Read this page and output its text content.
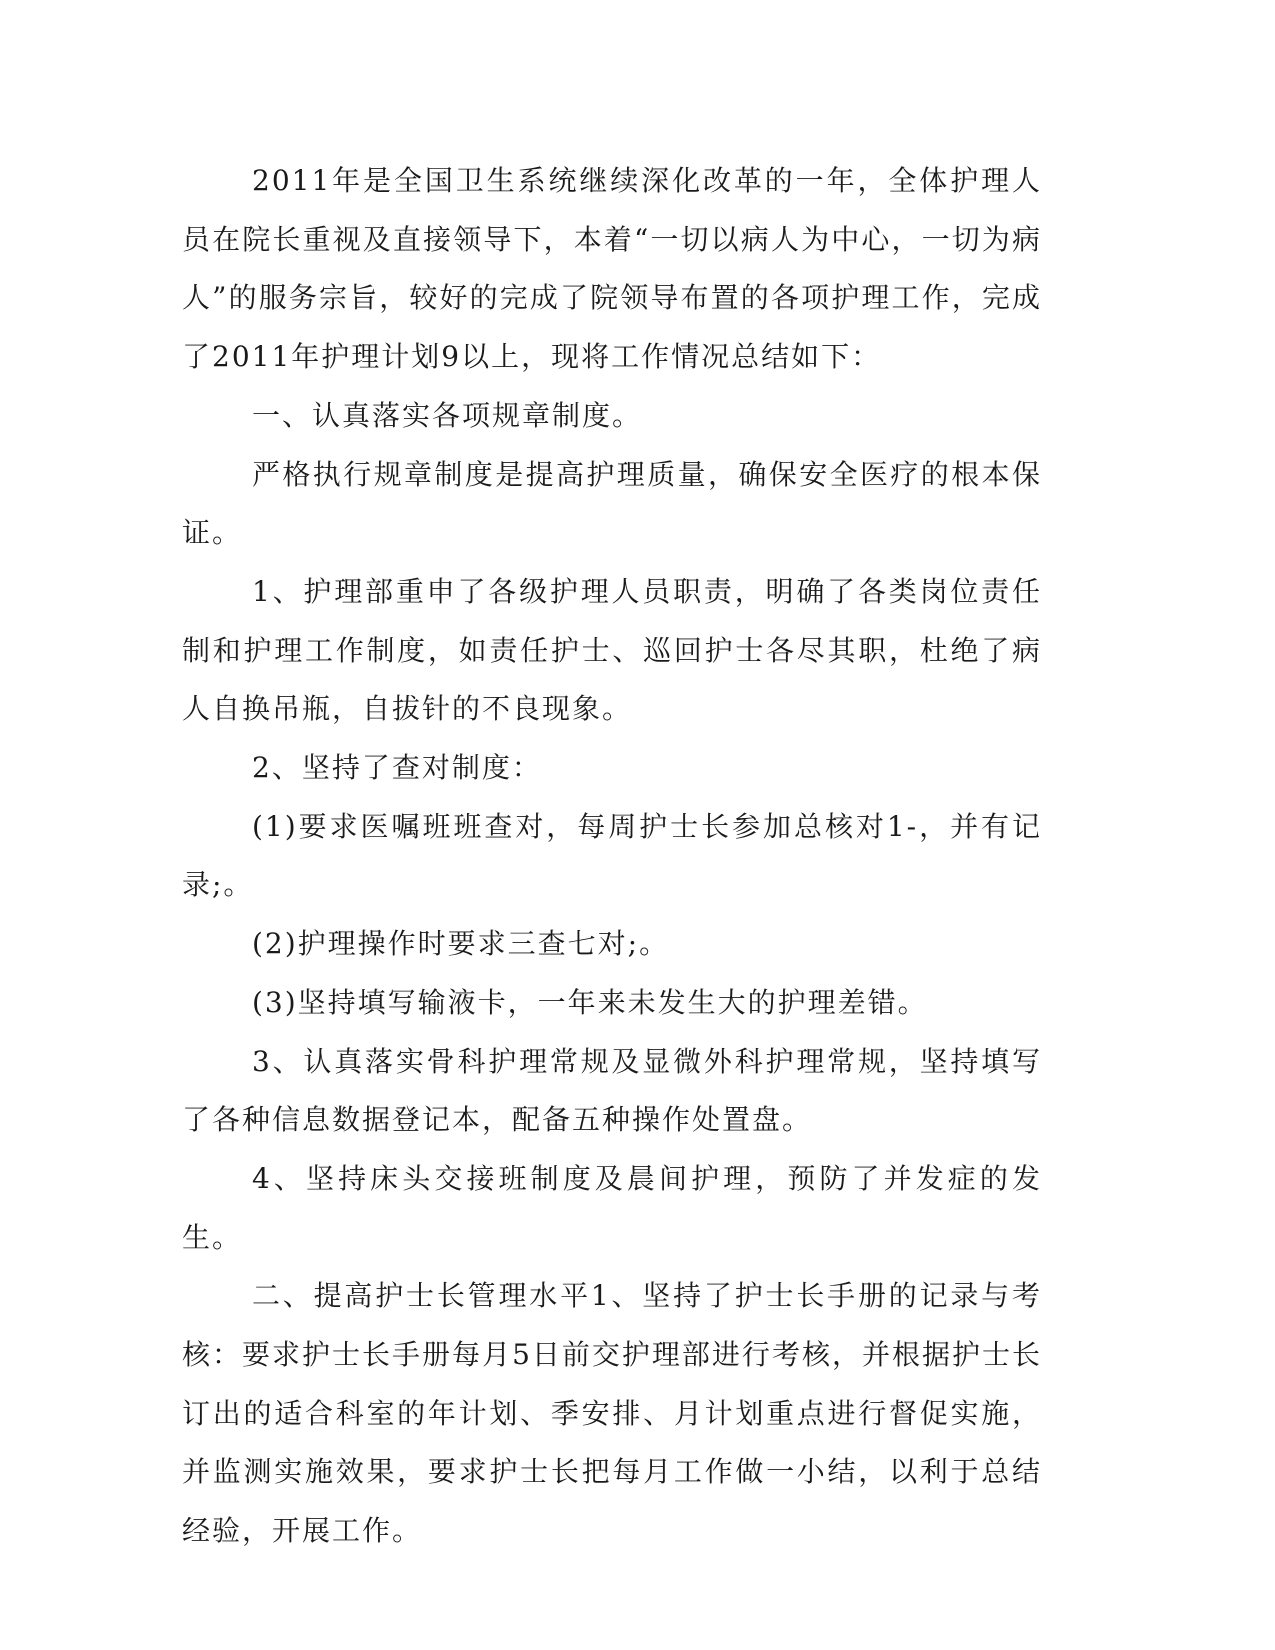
2011年是全国卫生系统继续深化改革的一年，全体护理人员在院长重视及直接领导下，本着“一切以病人为中心，一切为病人”的服务宗旨，较好的完成了院领导布置的各项护理工作，完成了2011年护理计划9以上，现将工作情况总结如下：

一、认真落实各项规章制度。

严格执行规章制度是提高护理质量，确保安全医疗的根本保证。

1、护理部重申了各级护理人员职责，明确了各类岗位责任制和护理工作制度，如责任护士、巡回护士各尽其职，杜绝了病人自换吊瓶，自拔针的不良现象。

2、坚持了查对制度：

(1)要求医嘱班班查对，每周护士长参加总核对1-，并有记录;。

(2)护理操作时要求三查七对;。

(3)坚持填写输液卡，一年来未发生大的护理差错。

3、认真落实骨科护理常规及显微外科护理常规，坚持填写了各种信息数据登记本，配备五种操作处置盘。

4、坚持床头交接班制度及晨间护理，预防了并发症的发生。

二、提高护士长管理水平1、坚持了护士长手册的记录与考核：要求护士长手册每月5日前交护理部进行考核，并根据护士长订出的适合科室的年计划、季安排、月计划重点进行督促实施，并监测实施效果，要求护士长把每月工作做一小结，以利于总结经验，开展工作。
